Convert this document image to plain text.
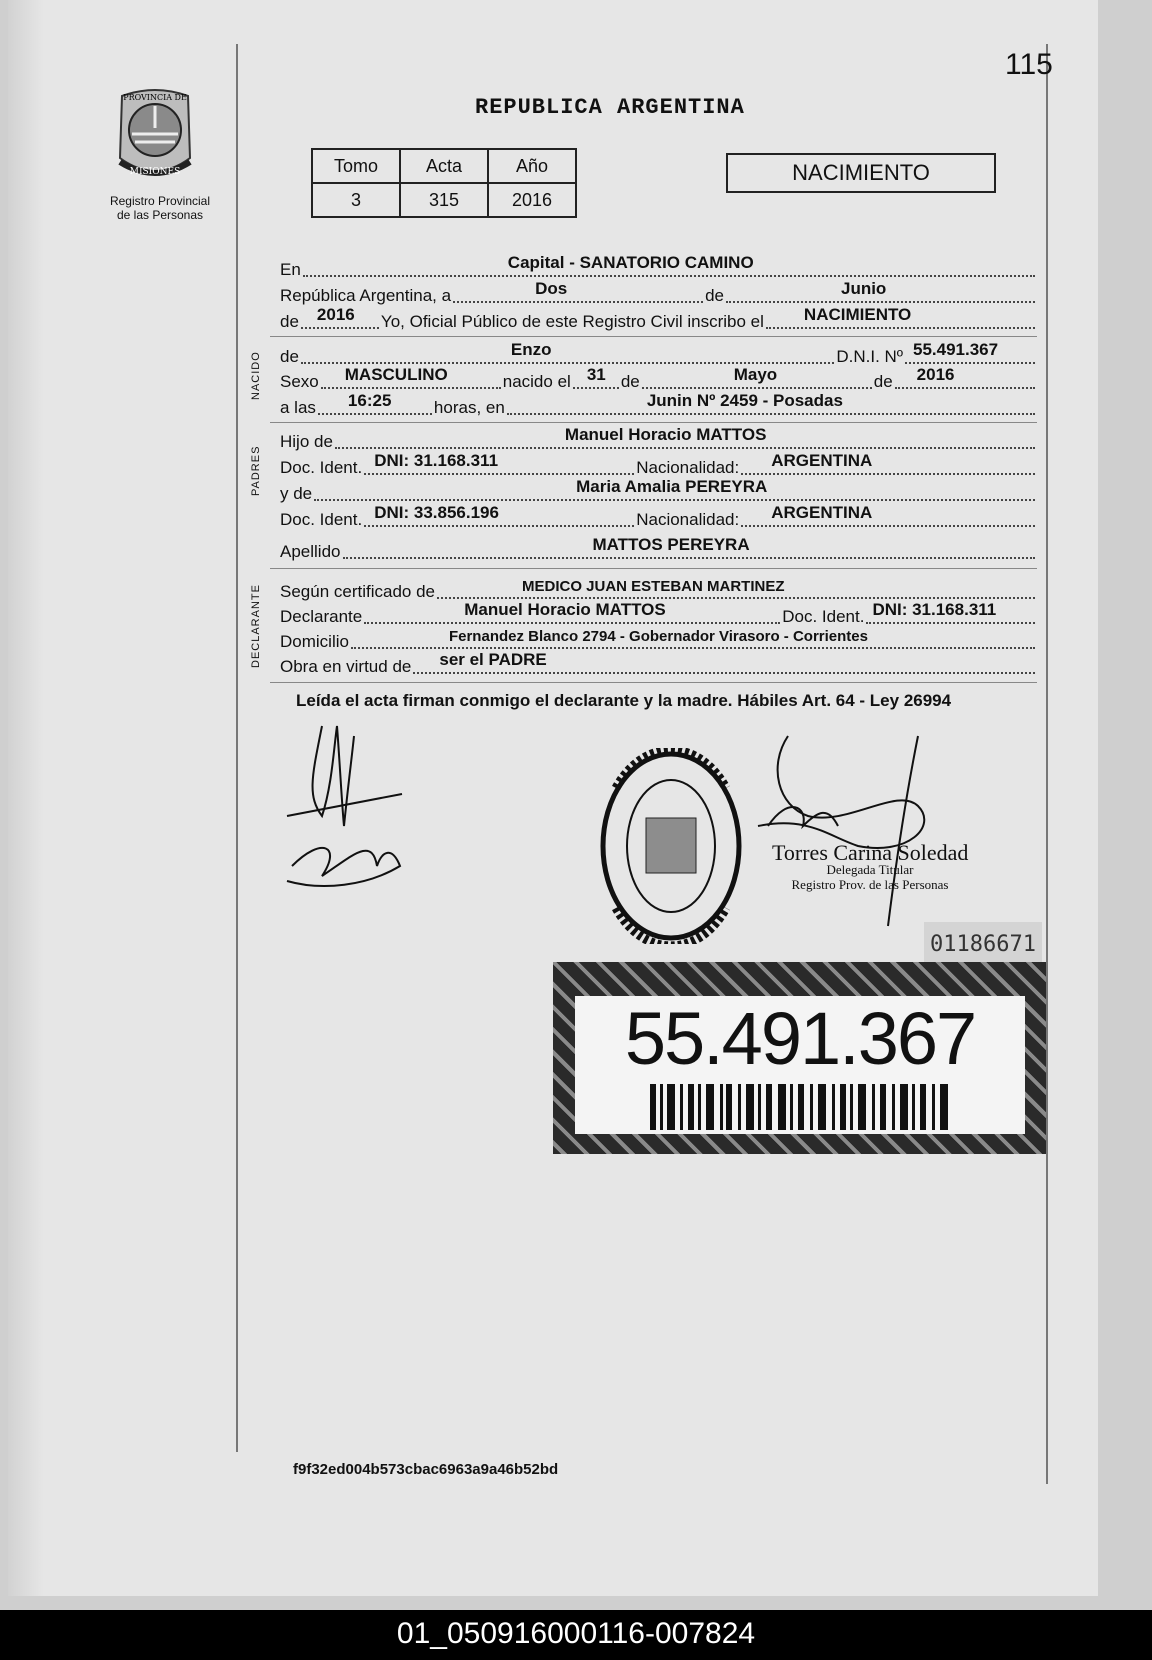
115
PROVINCIA DE
MISIONES
Registro Provincial
de las Personas
REPUBLICA ARGENTINA
Tomo	Acta	Año
3	315	2016
NACIMIENTO
En	Capital - SANATORIO CAMINO
República Argentina, a	Dos	de	Junio
de 2016 Yo, Oficial Público de este Registro Civil inscribo el NACIMIENTO
NACIDO de	Enzo	D.N.I. Nº 55.491.367
Sexo MASCULINO	nacido el 31 de	Mayo	de 2016
a las 16:25	horas, en	Junin Nº 2459 - Posadas
PADRES
Hijo de	Manuel Horacio MATTOS
Doc. Ident. DNI: 31.168.311	Nacionalidad: ARGENTINA
y de	Maria Amalia PEREYRA
Doc. Ident. DNI: 33.856.196	Nacionalidad: ARGENTINA
Apellido	MATTOS PEREYRA
DECLARANTE Según certificado de	MEDICO JUAN ESTEBAN MARTINEZ
Declarante	Manuel Horacio MATTOS	Doc. Ident. DNI: 31.168.311
Domicilio	Fernandez Blanco 2794 - Gobernador Virasoro - Corrientes
Obra en virtud de ser el PADRE
Leída el acta firman conmigo el declarante y la madre. Hábiles Art. 64 - Ley 26994
Torres Carina Soledad
Delegada Titular
Registro Prov. de las Personas
01186671
55.491.367
f9f32ed004b573cbac6963a9a46b52bd
01_050916000116-007824
